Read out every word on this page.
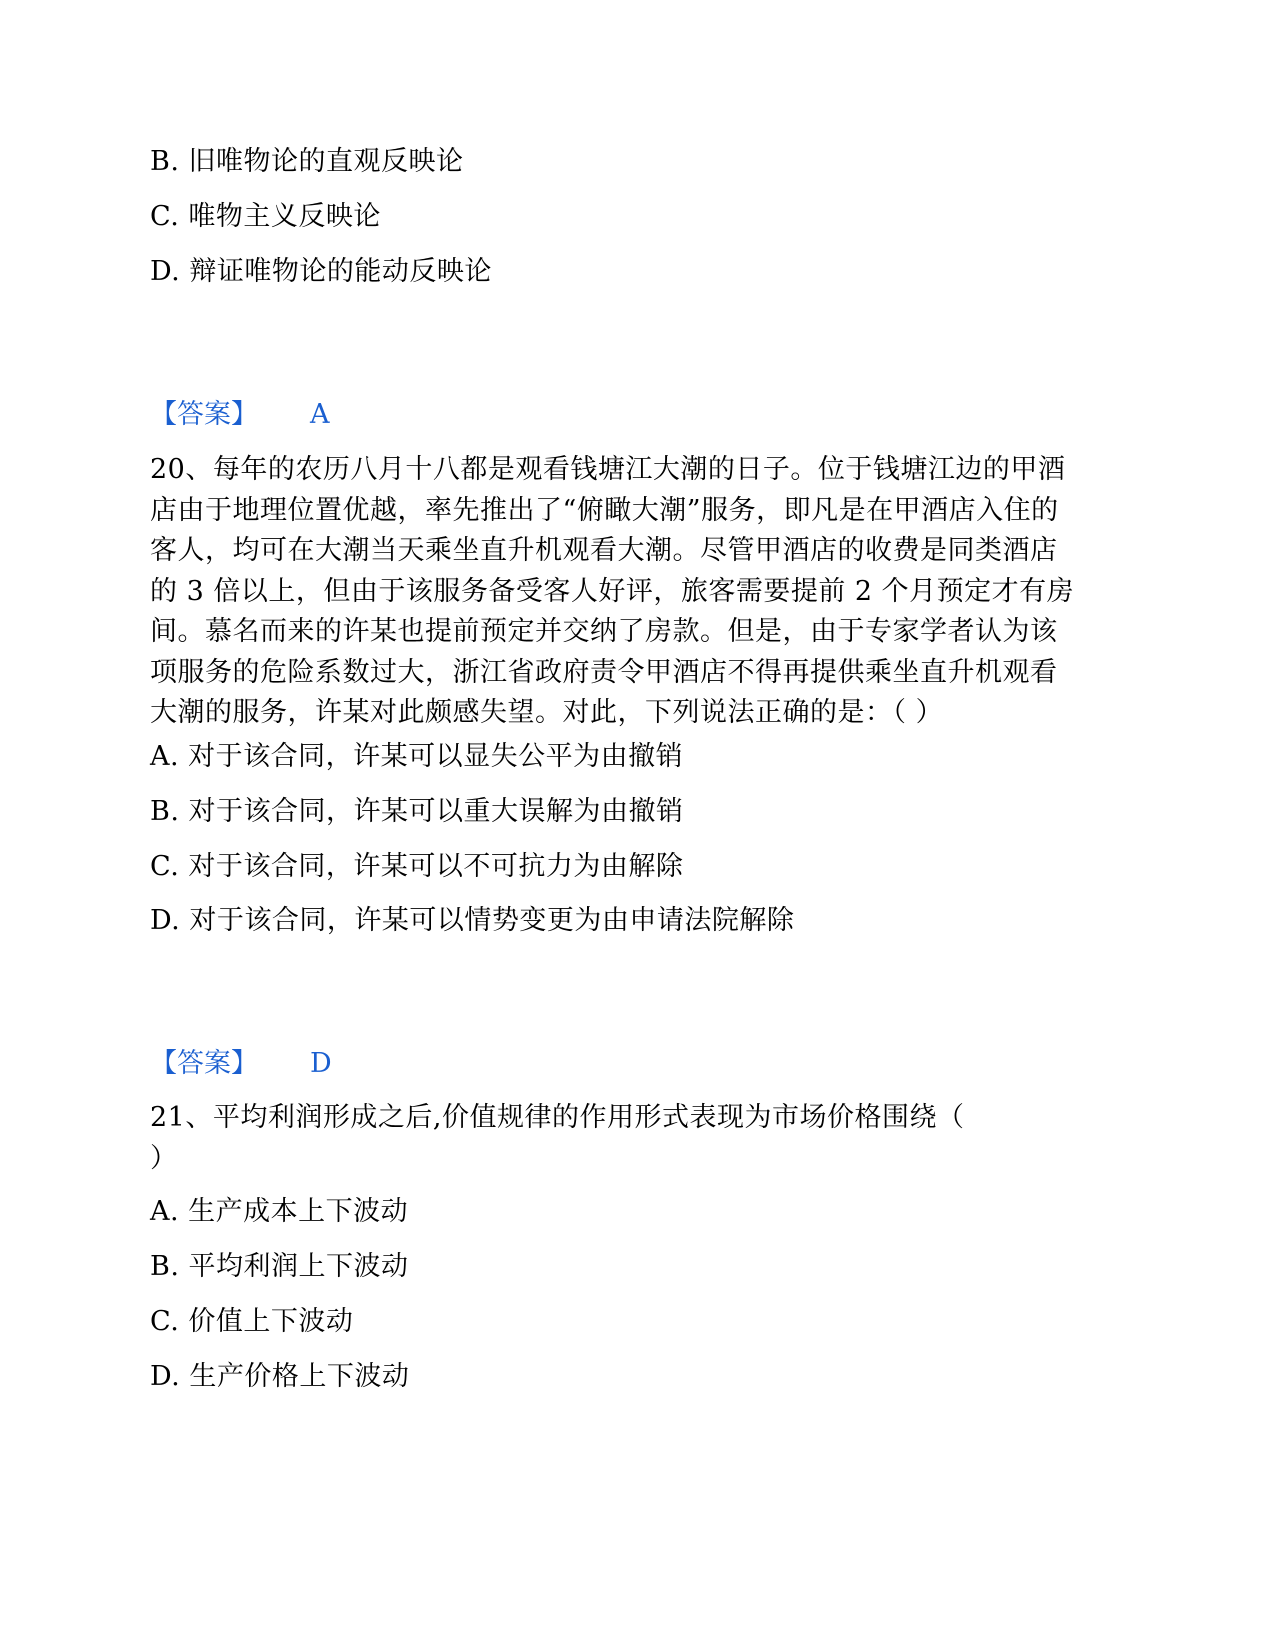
B. 旧唯物论的直观反映论
C. 唯物主义反映论
D. 辩证唯物论的能动反映论
【答案】 A
20、每年的农历八月十八都是观看钱塘江大潮的日子。位于钱塘江边的甲酒
店由于地理位置优越，率先推出了“俯瞰大潮”服务，即凡是在甲酒店入住的
客人，均可在大潮当天乘坐直升机观看大潮。尽管甲酒店的收费是同类酒店
的 3 倍以上，但由于该服务备受客人好评，旅客需要提前 2 个月预定才有房
间。慕名而来的许某也提前预定并交纳了房款。但是，由于专家学者认为该
项服务的危险系数过大，浙江省政府责令甲酒店不得再提供乘坐直升机观看
大潮的服务，许某对此颇感失望。对此，下列说法正确的是：（ ）
A. 对于该合同，许某可以显失公平为由撤销
B. 对于该合同，许某可以重大误解为由撤销
C. 对于该合同，许某可以不可抗力为由解除
D. 对于该合同，许某可以情势变更为由申请法院解除
【答案】 D
21、平均利润形成之后,价值规律的作用形式表现为市场价格围绕（
）
A. 生产成本上下波动
B. 平均利润上下波动
C. 价值上下波动
D. 生产价格上下波动
